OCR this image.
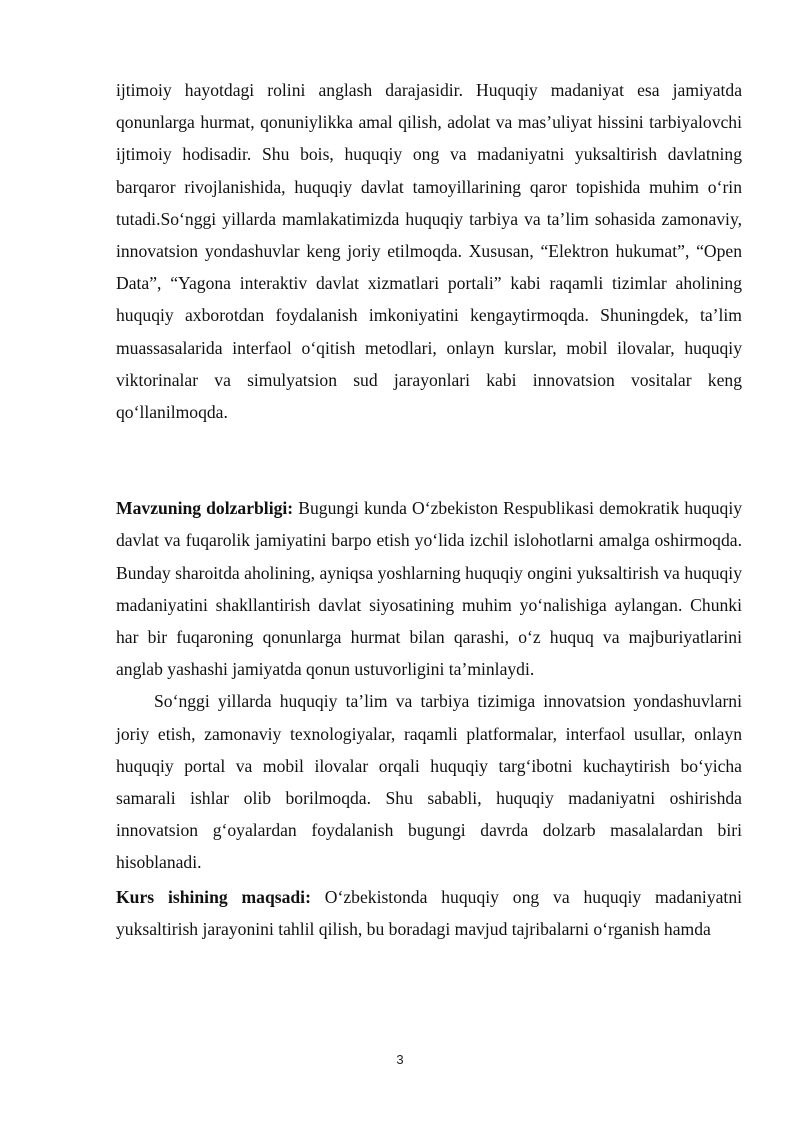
ijtimoiy hayotdagi rolini anglash darajasidir. Huquqiy madaniyat esa jamiyatda qonunlarga hurmat, qonuniylikka amal qilish, adolat va mas’uliyat hissini tarbiyalovchi ijtimoiy hodisadir. Shu bois, huquqiy ong va madaniyatni yuksaltirish davlatning barqaror rivojlanishida, huquqiy davlat tamoyillarining qaror topishida muhim o‘rin tutadi.So‘nggi yillarda mamlakatimizda huquqiy tarbiya va ta’lim sohasida zamonaviy, innovatsion yondashuvlar keng joriy etilmoqda. Xususan, “Elektron hukumat”, “Open Data”, “Yagona interaktiv davlat xizmatlari portali” kabi raqamli tizimlar aholining huquqiy axborotdan foydalanish imkoniyatini kengaytirmoqda. Shuningdek, ta’lim muassasalarida interfaol o‘qitish metodlari, onlayn kurslar, mobil ilovalar, huquqiy viktorinalar va simulyatsion sud jarayonlari kabi innovatsion vositalar keng qo‘llanilmoqda.

Mavzuning dolzarbligi: Bugungi kunda O‘zbekiston Respublikasi demokratik huquqiy davlat va fuqarolik jamiyatini barpo etish yo‘lida izchil islohotlarni amalga oshirmoqda. Bunday sharoitda aholining, ayniqsa yoshlarning huquqiy ongini yuksaltirish va huquqiy madaniyatini shakllantirish davlat siyosatining muhim yo‘nalishiga aylangan. Chunki har bir fuqaroning qonunlarga hurmat bilan qarashi, o‘z huquq va majburiyatlarini anglab yashashi jamiyatda qonun ustuvorligini ta’minlaydi.

So‘nggi yillarda huquqiy ta’lim va tarbiya tizimiga innovatsion yondashuvlarni joriy etish, zamonaviy texnologiyalar, raqamli platformalar, interfaol usullar, onlayn huquqiy portal va mobil ilovalar orqali huquqiy targ‘ibotni kuchaytirish bo‘yicha samarali ishlar olib borilmoqda. Shu sababli, huquqiy madaniyatni oshirishda innovatsion g‘oyalardan foydalanish bugungi davrda dolzarb masalalardan biri hisoblanadi.

Kurs ishining maqsadi: O‘zbekistonda huquqiy ong va huquqiy madaniyatni yuksaltirish jarayonini tahlil qilish, bu boradagi mavjud tajribalarni o‘rganish hamda

3
